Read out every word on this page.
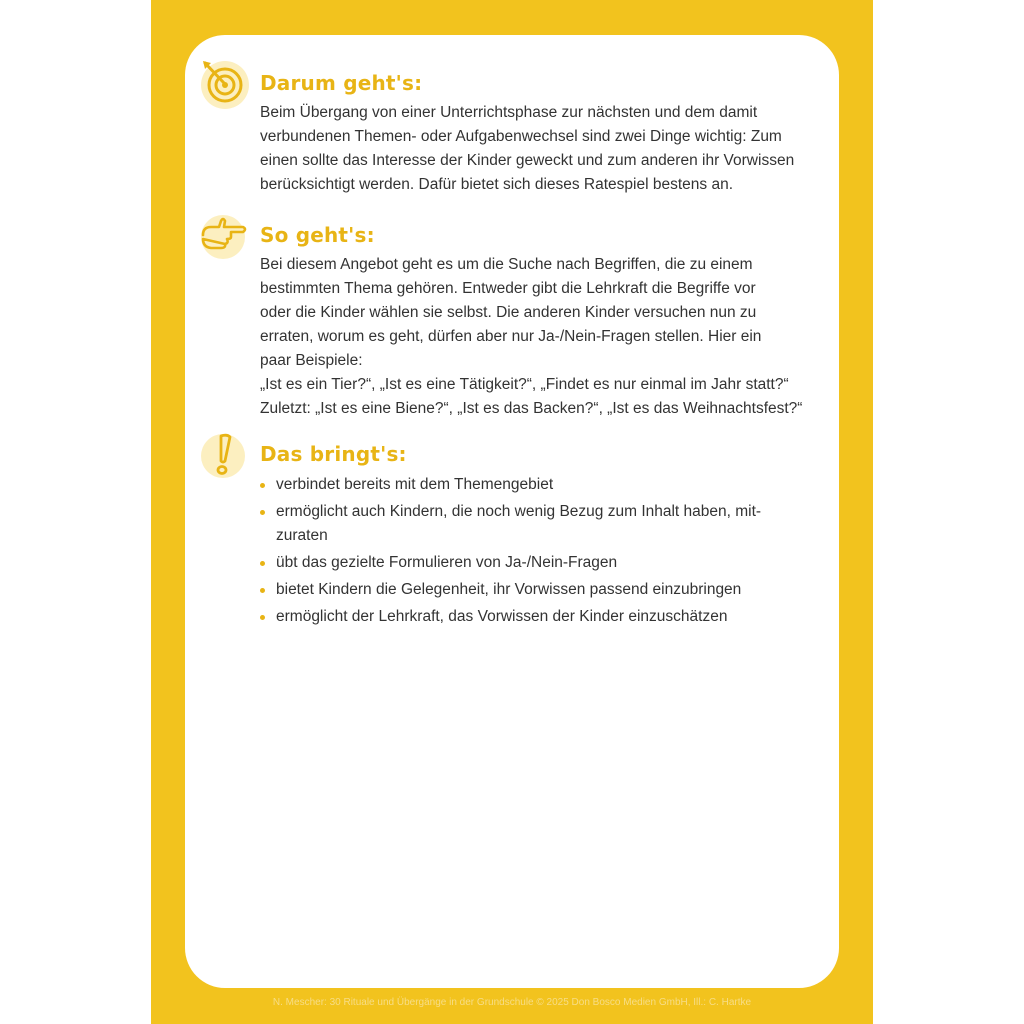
Darum geht's:

Beim Übergang von einer Unterrichtsphase zur nächsten und dem damit
verbundenen Themen- oder Aufgabenwechsel sind zwei Dinge wichtig: Zum
einen sollte das Interesse der Kinder geweckt und zum anderen ihr Vorwissen
berücksichtigt werden. Dafür bietet sich dieses Ratespiel bestens an.

So geht's:

Bei diesem Angebot geht es um die Suche nach Begriffen, die zu einem
bestimmten Thema gehören. Entweder gibt die Lehrkraft die Begriffe vor
oder die Kinder wählen sie selbst. Die anderen Kinder versuchen nun zu
erraten, worum es geht, dürfen aber nur Ja-/Nein-Fragen stellen. Hier ein
paar Beispiele:
„Ist es ein Tier?“, „Ist es eine Tätigkeit?“, „Findet es nur einmal im Jahr statt?“
Zuletzt: „Ist es eine Biene?“, „Ist es das Backen?“, „Ist es das Weihnachtsfest?“

Das bringt's:
verbindet bereits mit dem Themengebiet
ermöglicht auch Kindern, die noch wenig Bezug zum Inhalt haben, mit-
zuraten
übt das gezielte Formulieren von Ja-/Nein-Fragen
bietet Kindern die Gelegenheit, ihr Vorwissen passend einzubringen
ermöglicht der Lehrkraft, das Vorwissen der Kinder einzuschätzen
N. Mescher: 30 Rituale und Übergänge in der Grundschule © 2025 Don Bosco Medien GmbH, Ill.: C. Hartke
